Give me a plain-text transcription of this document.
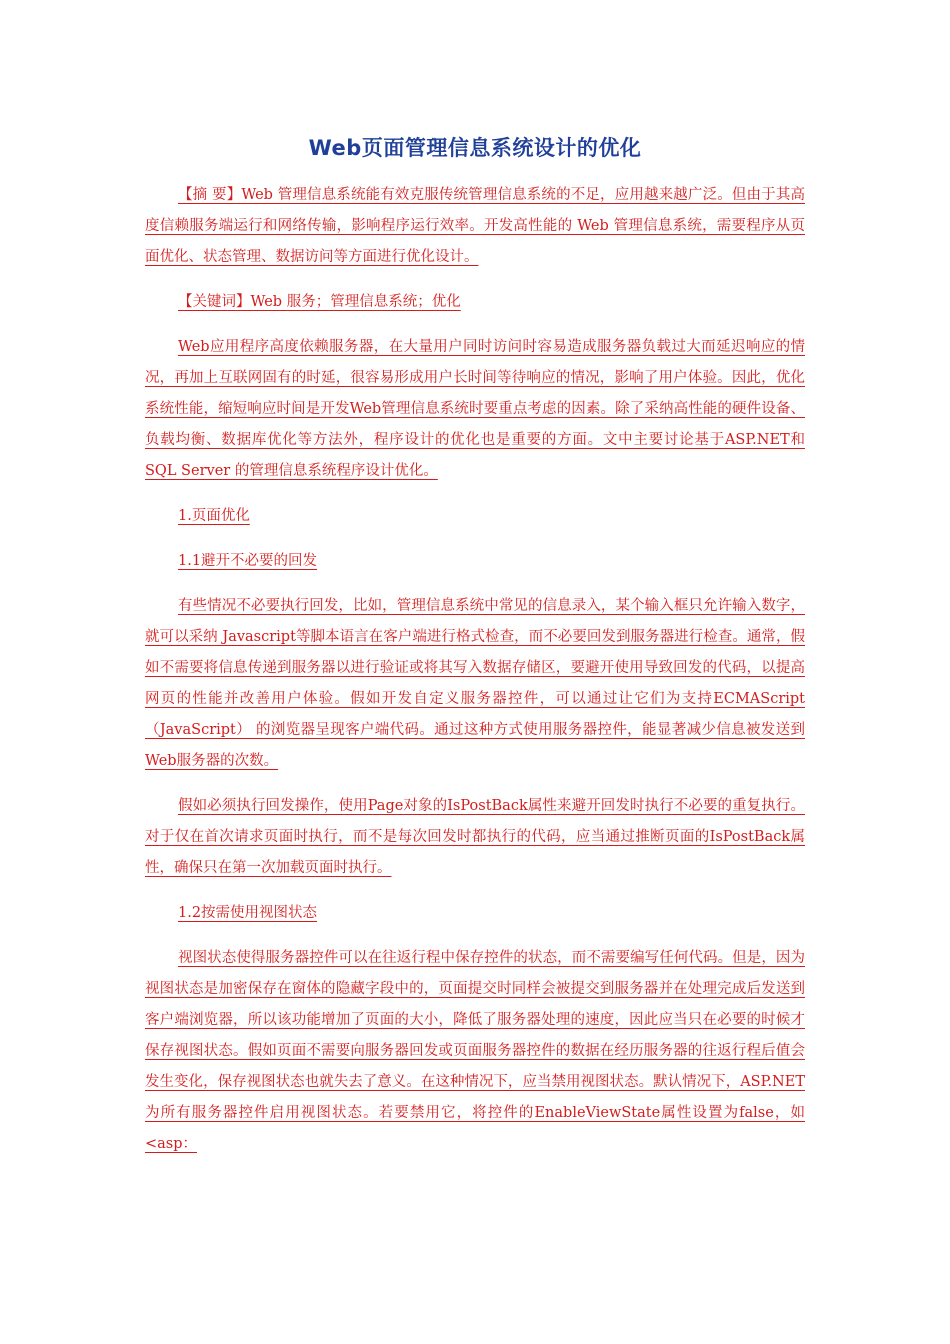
Web页面管理信息系统设计的优化

【摘 要】Web 管理信息系统能有效克服传统管理信息系统的不足，应用越来越广泛。但由于其高度信赖服务端运行和网络传输，影响程序运行效率。开发高性能的 Web 管理信息系统，需要程序从页面优化、状态管理、数据访问等方面进行优化设计。

【关键词】Web 服务；管理信息系统；优化

Web应用程序高度依赖服务器，在大量用户同时访问时容易造成服务器负载过大而延迟响应的情况，再加上互联网固有的时延，很容易形成用户长时间等待响应的情况，影响了用户体验。因此，优化系统性能，缩短响应时间是开发Web管理信息系统时要重点考虑的因素。除了采纳高性能的硬件设备、负载均衡、数据库优化等方法外，程序设计的优化也是重要的方面。文中主要讨论基于ASP.NET和SQL Server 的管理信息系统程序设计优化。

1.页面优化

1.1避开不必要的回发

有些情况不必要执行回发，比如，管理信息系统中常见的信息录入，某个输入框只允许输入数字，就可以采纳 Javascript等脚本语言在客户端进行格式检查，而不必要回发到服务器进行检查。通常，假如不需要将信息传递到服务器以进行验证或将其写入数据存储区，要避开使用导致回发的代码，以提高网页的性能并改善用户体验。假如开发自定义服务器控件，可以通过让它们为支持ECMAScript（JavaScript） 的浏览器呈现客户端代码。通过这种方式使用服务器控件，能显著减少信息被发送到Web服务器的次数。

假如必须执行回发操作，使用Page对象的IsPostBack属性来避开回发时执行不必要的重复执行。对于仅在首次请求页面时执行，而不是每次回发时都执行的代码，应当通过推断页面的IsPostBack属性，确保只在第一次加载页面时执行。

1.2按需使用视图状态

视图状态使得服务器控件可以在往返行程中保存控件的状态，而不需要编写任何代码。但是，因为视图状态是加密保存在窗体的隐藏字段中的，页面提交时同样会被提交到服务器并在处理完成后发送到客户端浏览器，所以该功能增加了页面的大小，降低了服务器处理的速度，因此应当只在必要的时候才保存视图状态。假如页面不需要向服务器回发或页面服务器控件的数据在经历服务器的往返行程后值会发生变化，保存视图状态也就失去了意义。在这种情况下，应当禁用视图状态。默认情况下，ASP.NET为所有服务器控件启用视图状态。若要禁用它，将控件的EnableViewState属性设置为false，如<asp：
